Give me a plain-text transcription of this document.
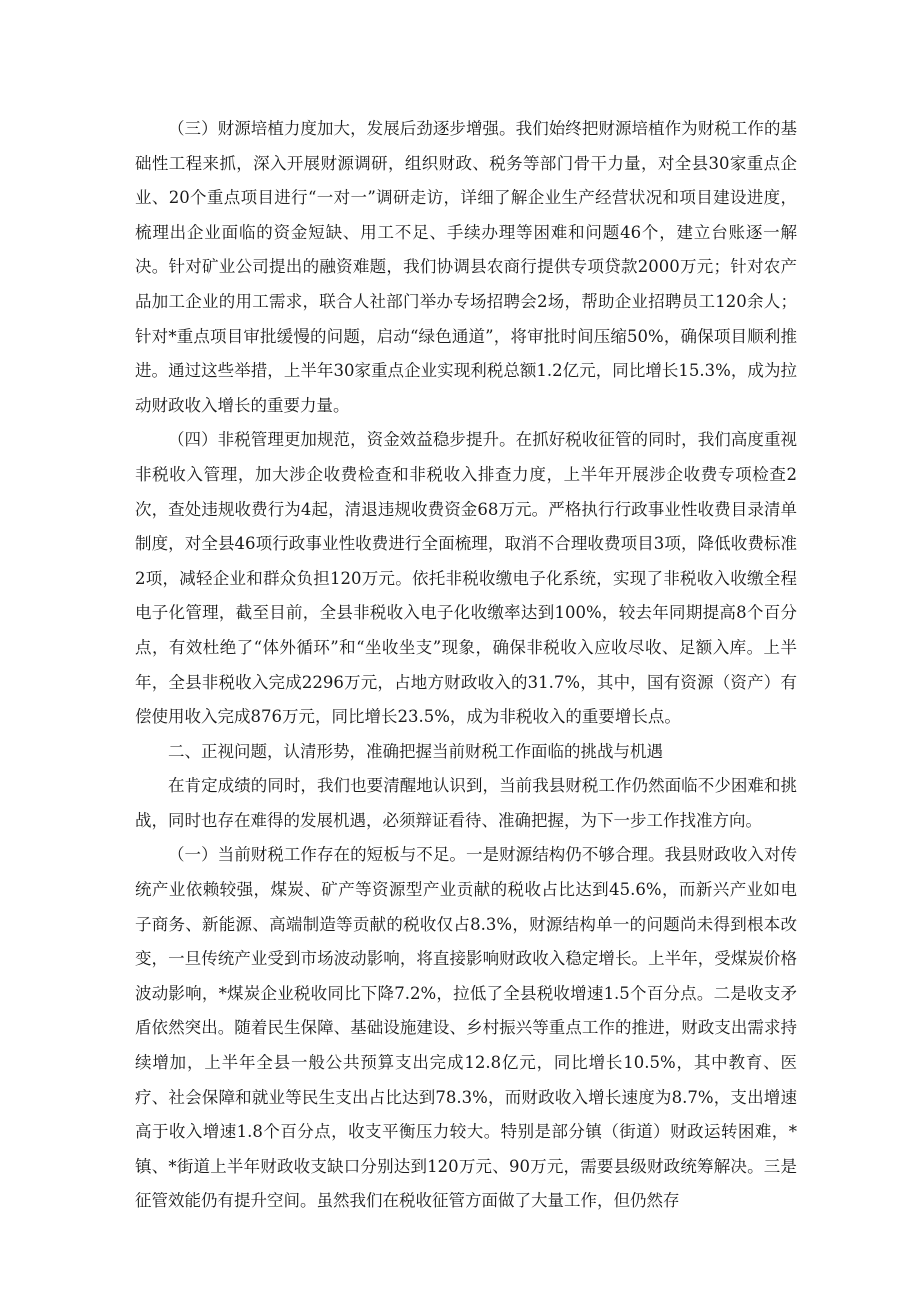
（三）财源培植力度加大，发展后劲逐步增强。我们始终把财源培植作为财税工作的基础性工程来抓，深入开展财源调研，组织财政、税务等部门骨干力量，对全县30家重点企业、20个重点项目进行“一对一”调研走访，详细了解企业生产经营状况和项目建设进度，梳理出企业面临的资金短缺、用工不足、手续办理等困难和问题46个，建立台账逐一解决。针对矿业公司提出的融资难题，我们协调县农商行提供专项贷款2000万元；针对农产品加工企业的用工需求，联合人社部门举办专场招聘会2场，帮助企业招聘员工120余人；针对*重点项目审批缓慢的问题，启动“绿色通道”，将审批时间压缩50%，确保项目顺利推进。通过这些举措，上半年30家重点企业实现利税总额1.2亿元，同比增长15.3%，成为拉动财政收入增长的重要力量。

（四）非税管理更加规范，资金效益稳步提升。在抓好税收征管的同时，我们高度重视非税收入管理，加大涉企收费检查和非税收入排查力度，上半年开展涉企收费专项检查2次，查处违规收费行为4起，清退违规收费资金68万元。严格执行行政事业性收费目录清单制度，对全县46项行政事业性收费进行全面梳理，取消不合理收费项目3项，降低收费标准2项，减轻企业和群众负担120万元。依托非税收缴电子化系统，实现了非税收入收缴全程电子化管理，截至目前，全县非税收入电子化收缴率达到100%，较去年同期提高8个百分点，有效杜绝了“体外循环”和“坐收坐支”现象，确保非税收入应收尽收、足额入库。上半年，全县非税收入完成2296万元，占地方财政收入的31.7%，其中，国有资源（资产）有偿使用收入完成876万元，同比增长23.5%，成为非税收入的重要增长点。

二、正视问题，认清形势，准确把握当前财税工作面临的挑战与机遇

在肯定成绩的同时，我们也要清醒地认识到，当前我县财税工作仍然面临不少困难和挑战，同时也存在难得的发展机遇，必须辩证看待、准确把握，为下一步工作找准方向。

（一）当前财税工作存在的短板与不足。一是财源结构仍不够合理。我县财政收入对传统产业依赖较强，煤炭、矿产等资源型产业贡献的税收占比达到45.6%，而新兴产业如电子商务、新能源、高端制造等贡献的税收仅占8.3%，财源结构单一的问题尚未得到根本改变，一旦传统产业受到市场波动影响，将直接影响财政收入稳定增长。上半年，受煤炭价格波动影响，*煤炭企业税收同比下降7.2%，拉低了全县税收增速1.5个百分点。二是收支矛盾依然突出。随着民生保障、基础设施建设、乡村振兴等重点工作的推进，财政支出需求持续增加，上半年全县一般公共预算支出完成12.8亿元，同比增长10.5%，其中教育、医疗、社会保障和就业等民生支出占比达到78.3%，而财政收入增长速度为8.7%，支出增速高于收入增速1.8个百分点，收支平衡压力较大。特别是部分镇（街道）财政运转困难，*镇、*街道上半年财政收支缺口分别达到120万元、90万元，需要县级财政统筹解决。三是征管效能仍有提升空间。虽然我们在税收征管方面做了大量工作，但仍然存
